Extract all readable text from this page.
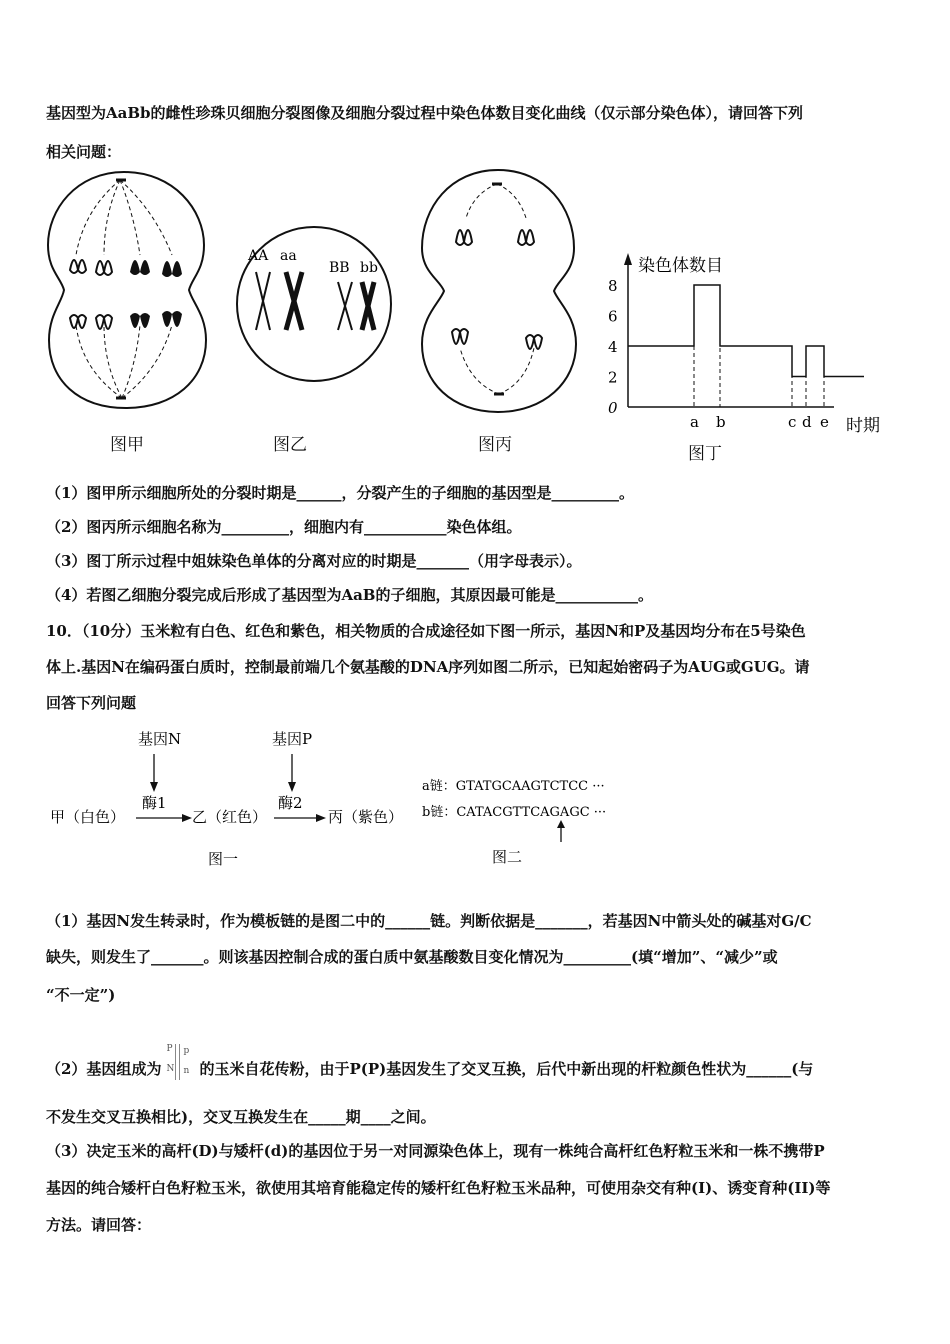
基因型为AaBb的雌性珍珠贝细胞分裂图像及细胞分裂过程中染色体数目变化曲线（仅示部分染色体），请回答下列
相关问题：
图甲
AA aa
BB bb
图乙	图丙
染色体数目
时期
8
6
4
2
0
a b	c d e
图丁
（1）图甲所示细胞所处的分裂时期是______，分裂产生的子细胞的基因型是_________。
（2）图丙所示细胞名称为_________，细胞内有___________染色体组。
（3）图丁所示过程中姐妹染色单体的分离对应的时期是_______（用字母表示）。
（4）若图乙细胞分裂完成后形成了基因型为AaB的子细胞，其原因最可能是___________。
10．（10分）玉米粒有白色、红色和紫色，相关物质的合成途径如下图一所示，基因N和P及基因均分布在5号染色
体上.基因N在编码蛋白质时，控制最前端几个氨基酸的DNA序列如图二所示，已知起始密码子为AUG或GUG。请
回答下列问题
基因N	基因P
酶1	酶2
甲（白色）	乙（红色）	丙（紫色）
图一
a链：GTATGCAAGTCTCC ···
b链：CATACGTTCAGAGC ···
图二
（1）基因N发生转录时，作为模板链的是图二中的______链。判断依据是_______，若基因N中箭头处的碱基对G/C
缺失，则发生了_______。则该基因控制合成的蛋白质中氨基酸数目变化情况为_________(填“增加”、“减少”或
“不一定”)
（2）基因组成为
P
N
p
n 的玉米自花传粉，由于P(P)基因发生了交叉互换，后代中新出现的杆粒颜色性状为______(与
不发生交叉互换相比)，交叉互换发生在_____期____之间。
（3）决定玉米的高杆(D)与矮杆(d)的基因位于另一对同源染色体上，现有一株纯合高杆红色籽粒玉米和一株不携带P
基因的纯合矮杆白色籽粒玉米，欲使用其培育能稳定传的矮杆红色籽粒玉米品种，可使用杂交有种(I)、诱变育种(II)等
方法。请回答：
